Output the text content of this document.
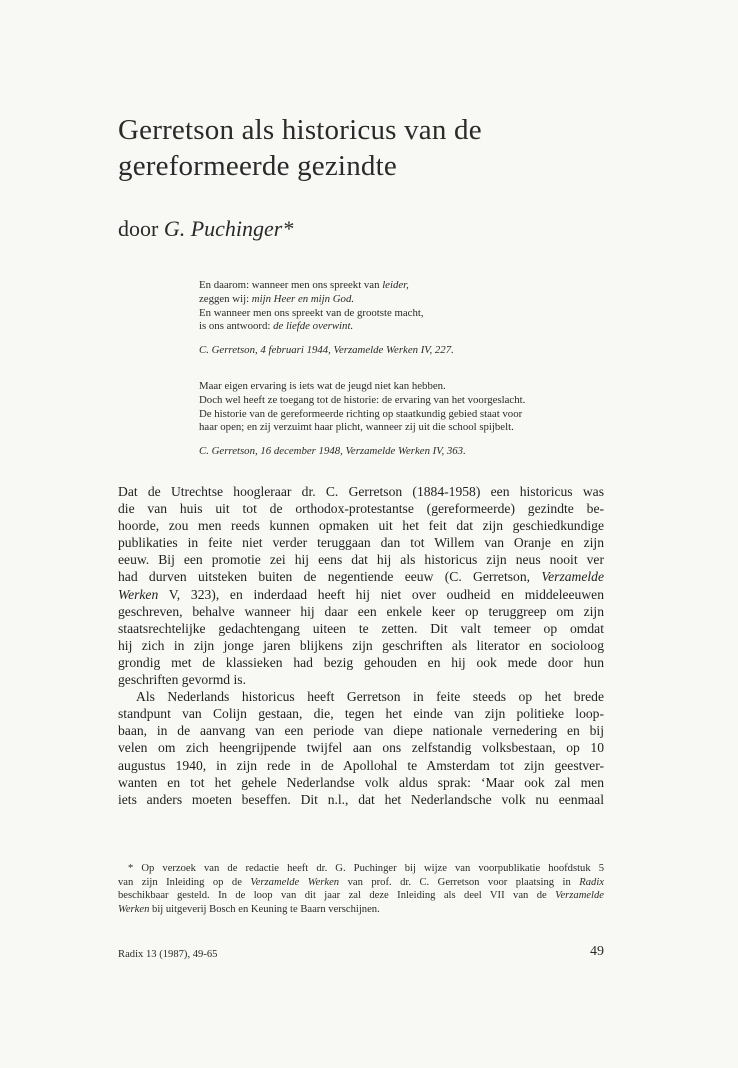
Gerretson als historicus van de
gereformeerde gezindte

door G. Puchinger*

En daarom: wanneer men ons spreekt van leider,
zeggen wij: mijn Heer en mijn God.
En wanneer men ons spreekt van de grootste macht,
is ons antwoord: de liefde overwint.
C. Gerretson, 4 februari 1944, Verzamelde Werken IV, 227.
Maar eigen ervaring is iets wat de jeugd niet kan hebben.
Doch wel heeft ze toegang tot de historie: de ervaring van het voorgeslacht.
De historie van de gereformeerde richting op staatkundig gebied staat voor
haar open; en zij verzuimt haar plicht, wanneer zij uit die school spijbelt.
C. Gerretson, 16 december 1948, Verzamelde Werken IV, 363.
Dat de Utrechtse hoogleraar dr. C. Gerretson (1884-1958) een historicus was
die van huis uit tot de orthodox-protestantse (gereformeerde) gezindte be-
hoorde, zou men reeds kunnen opmaken uit het feit dat zijn geschiedkundige
publikaties in feite niet verder teruggaan dan tot Willem van Oranje en zijn
eeuw. Bij een promotie zei hij eens dat hij als historicus zijn neus nooit ver
had durven uitsteken buiten de negentiende eeuw (C. Gerretson, Verzamelde
Werken V, 323), en inderdaad heeft hij niet over oudheid en middeleeuwen
geschreven, behalve wanneer hij daar een enkele keer op teruggreep om zijn
staatsrechtelijke gedachtengang uiteen te zetten. Dit valt temeer op omdat
hij zich in zijn jonge jaren blijkens zijn geschriften als literator en socioloog
grondig met de klassieken had bezig gehouden en hij ook mede door hun
geschriften gevormd is.
Als Nederlands historicus heeft Gerretson in feite steeds op het brede
standpunt van Colijn gestaan, die, tegen het einde van zijn politieke loop-
baan, in de aanvang van een periode van diepe nationale vernedering en bij
velen om zich heengrijpende twijfel aan ons zelfstandig volksbestaan, op 10
augustus 1940, in zijn rede in de Apollohal te Amsterdam tot zijn geestver-
wanten en tot het gehele Nederlandse volk aldus sprak: ‘Maar ook zal men
iets anders moeten beseffen. Dit n.l., dat het Nederlandsche volk nu eenmaal
* Op verzoek van de redactie heeft dr. G. Puchinger bij wijze van voorpublikatie hoofdstuk 5
van zijn Inleiding op de Verzamelde Werken van prof. dr. C. Gerretson voor plaatsing in Radix
beschikbaar gesteld. In de loop van dit jaar zal deze Inleiding als deel VII van de Verzamelde
Werken bij uitgeverij Bosch en Keuning te Baarn verschijnen.
Radix 13 (1987), 49-65	49
